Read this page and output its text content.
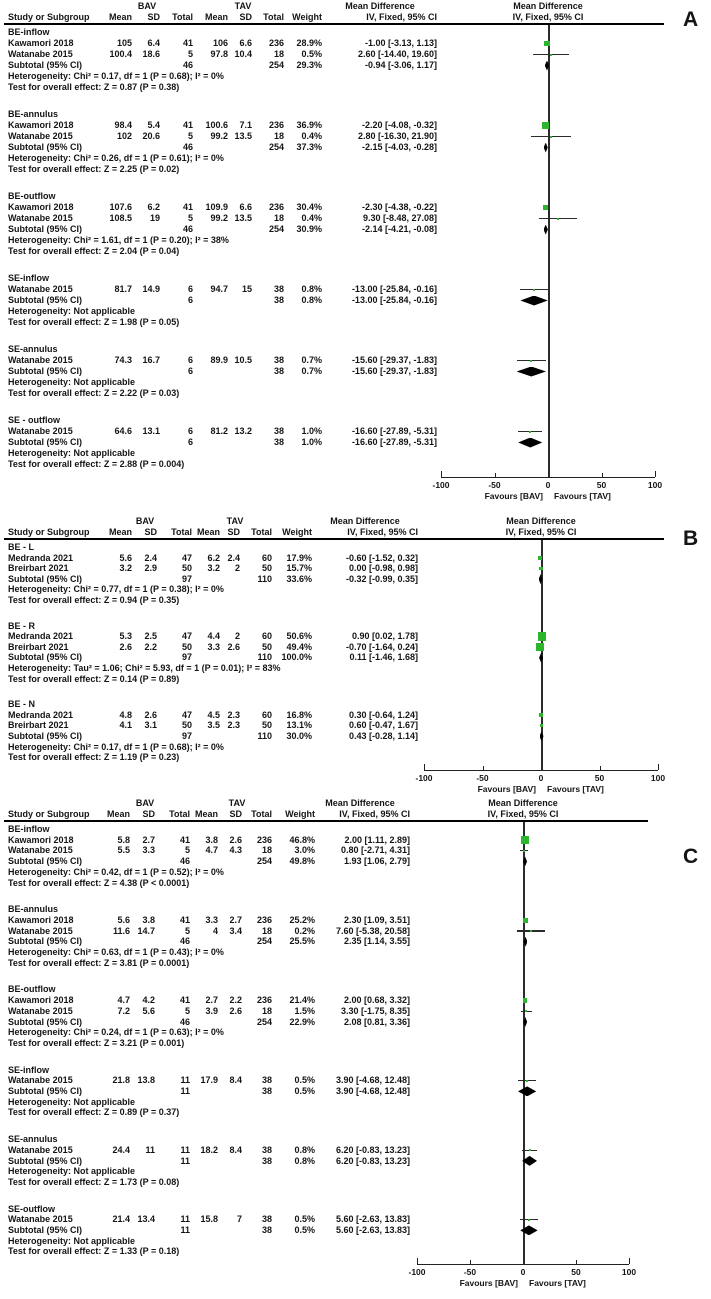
BAV	TAV	Mean Difference	Mean Difference
Study or Subgroup	Mean	SD	Total	Mean	SD	Total Weight	IV, Fixed, 95% CI	IV, Fixed, 95% CI
BE-inflow
Kawamori 2018	105	6.4	41	106	6.6	236	28.9%	-1.00 [-3.13, 1.13]
Watanabe 2015	100.4	18.6	5	97.8 10.4	18	0.5%	2.60 [-14.40, 19.60]
Subtotal (95% CI)	46	254	29.3%	-0.94 [-3.06, 1.17]
Heterogeneity: Chi² = 0.17, df = 1 (P = 0.68); I² = 0%
Test for overall effect: Z = 0.87 (P = 0.38)
BE-annulus
Kawamori 2018	98.4	5.4	41	100.6	7.1	236	36.9%	-2.20 [-4.08, -0.32]
Watanabe 2015	102	20.6	5	99.2 13.5	18	0.4%	2.80 [-16.30, 21.90]
Subtotal (95% CI)	46	254	37.3%	-2.15 [-4.03, -0.28]
Heterogeneity: Chi² = 0.26, df = 1 (P = 0.61); I² = 0%
Test for overall effect: Z = 2.25 (P = 0.02)
BE-outflow
Kawamori 2018	107.6	6.2	41	109.9	6.6	236	30.4%	-2.30 [-4.38, -0.22]
Watanabe 2015	108.5	19	5	99.2 13.5	18	0.4%	9.30 [-8.48, 27.08]
Subtotal (95% CI)	46	254	30.9%	-2.14 [-4.21, -0.08]
Heterogeneity: Chi² = 1.61, df = 1 (P = 0.20); I² = 38%
Test for overall effect: Z = 2.04 (P = 0.04)
SE-inflow
Watanabe 2015	81.7	14.9	6	94.7	15	38	0.8%	-13.00 [-25.84, -0.16]
Subtotal (95% CI)	6	38	0.8%	-13.00 [-25.84, -0.16]
Heterogeneity: Not applicable
Test for overall effect: Z = 1.98 (P = 0.05)
SE-annulus
Watanabe 2015	74.3	16.7	6	89.9 10.5	38	0.7%	-15.60 [-29.37, -1.83]
Subtotal (95% CI)	6	38	0.7%	-15.60 [-29.37, -1.83]
Heterogeneity: Not applicable
Test for overall effect: Z = 2.22 (P = 0.03)
SE - outflow
Watanabe 2015	64.6	13.1	6	81.2 13.2	38	1.0%	-16.60 [-27.89, -5.31]
Subtotal (95% CI)	6	38	1.0%	-16.60 [-27.89, -5.31]
Heterogeneity: Not applicable
Test for overall effect: Z = 2.88 (P = 0.004)
-100	-50	0	50	100
Favours [BAV] Favours [TAV]
BAV	TAV	Mean Difference	Mean Difference
Study or Subgroup	Mean	SD	Total Mean SD	Total	Weight	IV, Fixed, 95% CI	IV, Fixed, 95% CI
BE - L
Medranda 2021	5.6	2.4	47	6.2 2.4	60	17.9%	-0.60 [-1.52, 0.32]
Breirbart 2021	3.2	2.9	50	3.2	2	50	15.7%	0.00 [-0.98, 0.98]
Subtotal (95% CI)	97	110	33.6%	-0.32 [-0.99, 0.35]
Heterogeneity: Chi² = 0.77, df = 1 (P = 0.38); I² = 0%
Test for overall effect: Z = 0.94 (P = 0.35)
BE - R
Medranda 2021	5.3	2.5	47	4.4	2	60	50.6%	0.90 [0.02, 1.78]
Breirbart 2021	2.6	2.2	50	3.3 2.6	50	49.4%	-0.70 [-1.64, 0.24]
Subtotal (95% CI)	97	110	100.0%	0.11 [-1.46, 1.68]
Heterogeneity: Tau² = 1.06; Chi² = 5.93, df = 1 (P = 0.01); I² = 83%
Test for overall effect: Z = 0.14 (P = 0.89)
BE - N
Medranda 2021	4.8	2.6	47	4.5 2.3	60	16.8%	0.30 [-0.64, 1.24]
Breirbart 2021	4.1	3.1	50	3.5 2.3	50	13.1%	0.60 [-0.47, 1.67]
Subtotal (95% CI)	97	110	30.0%	0.43 [-0.28, 1.14]
Heterogeneity: Chi² = 0.17, df = 1 (P = 0.68); I² = 0%
Test for overall effect: Z = 1.19 (P = 0.23)
-100	-50	0	50	100
Favours [BAV] Favours [TAV]
BAV	TAV	Mean Difference	Mean Difference
Study or Subgroup	Mean	SD	Total Mean	SD	Total	Weight	IV, Fixed, 95% CI	IV, Fixed, 95% CI
BE-inflow
Kawamori 2018	5.8	2.7	41	3.8	2.6	236	46.8%	2.00 [1.11, 2.89]
Watanabe 2015	5.5	3.3	5	4.7	4.3	18	3.0%	0.80 [-2.71, 4.31]
Subtotal (95% CI)	46	254	49.8%	1.93 [1.06, 2.79]
Heterogeneity: Chi² = 0.42, df = 1 (P = 0.52); I² = 0%
Test for overall effect: Z = 4.38 (P < 0.0001)
BE-annulus
Kawamori 2018	5.6	3.8	41	3.3	2.7	236	25.2%	2.30 [1.09, 3.51]
Watanabe 2015	11.6 14.7	5	4	3.4	18	0.2%	7.60 [-5.38, 20.58]
Subtotal (95% CI)	46	254	25.5%	2.35 [1.14, 3.55]
Heterogeneity: Chi² = 0.63, df = 1 (P = 0.43); I² = 0%
Test for overall effect: Z = 3.81 (P = 0.0001)
BE-outflow
Kawamori 2018	4.7	4.2	41	2.7	2.2	236	21.4%	2.00 [0.68, 3.32]
Watanabe 2015	7.2	5.6	5	3.9	2.6	18	1.5%	3.30 [-1.75, 8.35]
Subtotal (95% CI)	46	254	22.9%	2.08 [0.81, 3.36]
Heterogeneity: Chi² = 0.24, df = 1 (P = 0.63); I² = 0%
Test for overall effect: Z = 3.21 (P = 0.001)
SE-inflow
Watanabe 2015	21.8 13.8	11	17.9	8.4	38	0.5%	3.90 [-4.68, 12.48]
Subtotal (95% CI)	11	38	0.5%	3.90 [-4.68, 12.48]
Heterogeneity: Not applicable
Test for overall effect: Z = 0.89 (P = 0.37)
SE-annulus
Watanabe 2015	24.4	11	11	18.2	8.4	38	0.8%	6.20 [-0.83, 13.23]
Subtotal (95% CI)	11	38	0.8%	6.20 [-0.83, 13.23]
Heterogeneity: Not applicable
Test for overall effect: Z = 1.73 (P = 0.08)
SE-outflow
Watanabe 2015	21.4 13.4	11	15.8	7	38	0.5%	5.60 [-2.63, 13.83]
Subtotal (95% CI)	11	38	0.5%	5.60 [-2.63, 13.83]
Heterogeneity: Not applicable
Test for overall effect: Z = 1.33 (P = 0.18)
-100	-50	0	50	100
Favours [BAV] Favours [TAV]
A
B
C
